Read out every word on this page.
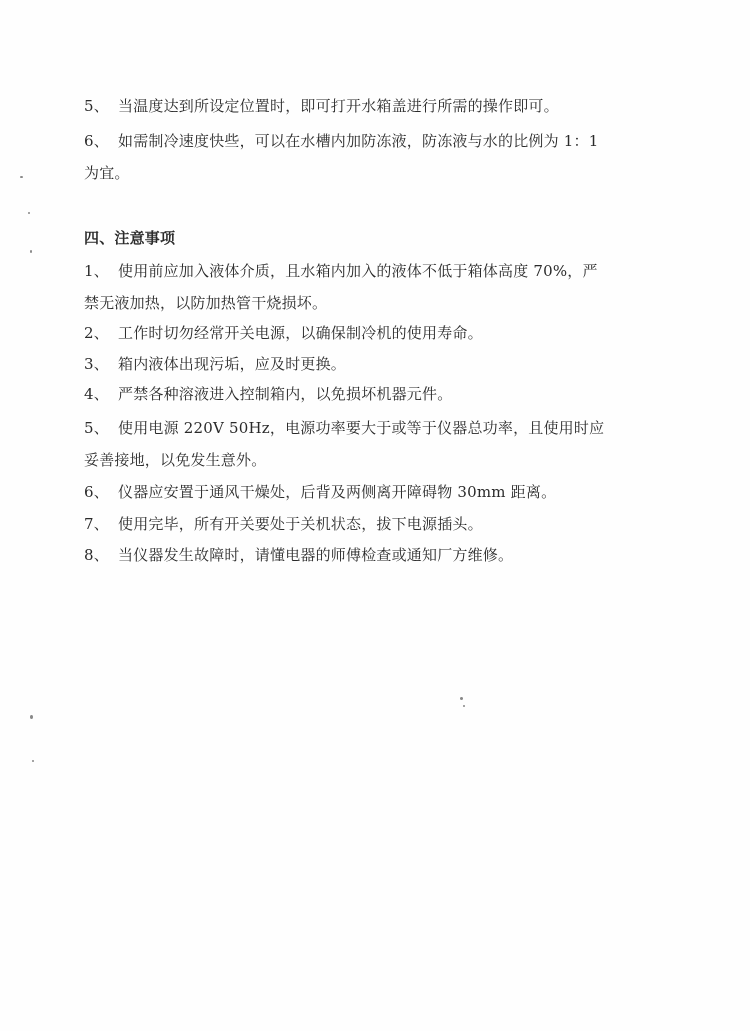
5、 当温度达到所设定位置时，即可打开水箱盖进行所需的操作即可。
6、 如需制冷速度快些，可以在水槽内加防冻液，防冻液与水的比例为 1：1
为宜。
四、注意事项
1、 使用前应加入液体介质，且水箱内加入的液体不低于箱体高度 70%，严
禁无液加热，以防加热管干烧损坏。
2、 工作时切勿经常开关电源，以确保制冷机的使用寿命。
3、 箱内液体出现污垢，应及时更换。
4、 严禁各种溶液进入控制箱内，以免损坏机器元件。
5、 使用电源 220V 50Hz，电源功率要大于或等于仪器总功率，且使用时应
妥善接地，以免发生意外。
6、 仪器应安置于通风干燥处，后背及两侧离开障碍物 30mm 距离。
7、 使用完毕，所有开关要处于关机状态，拔下电源插头。
8、 当仪器发生故障时，请懂电器的师傅检查或通知厂方维修。
